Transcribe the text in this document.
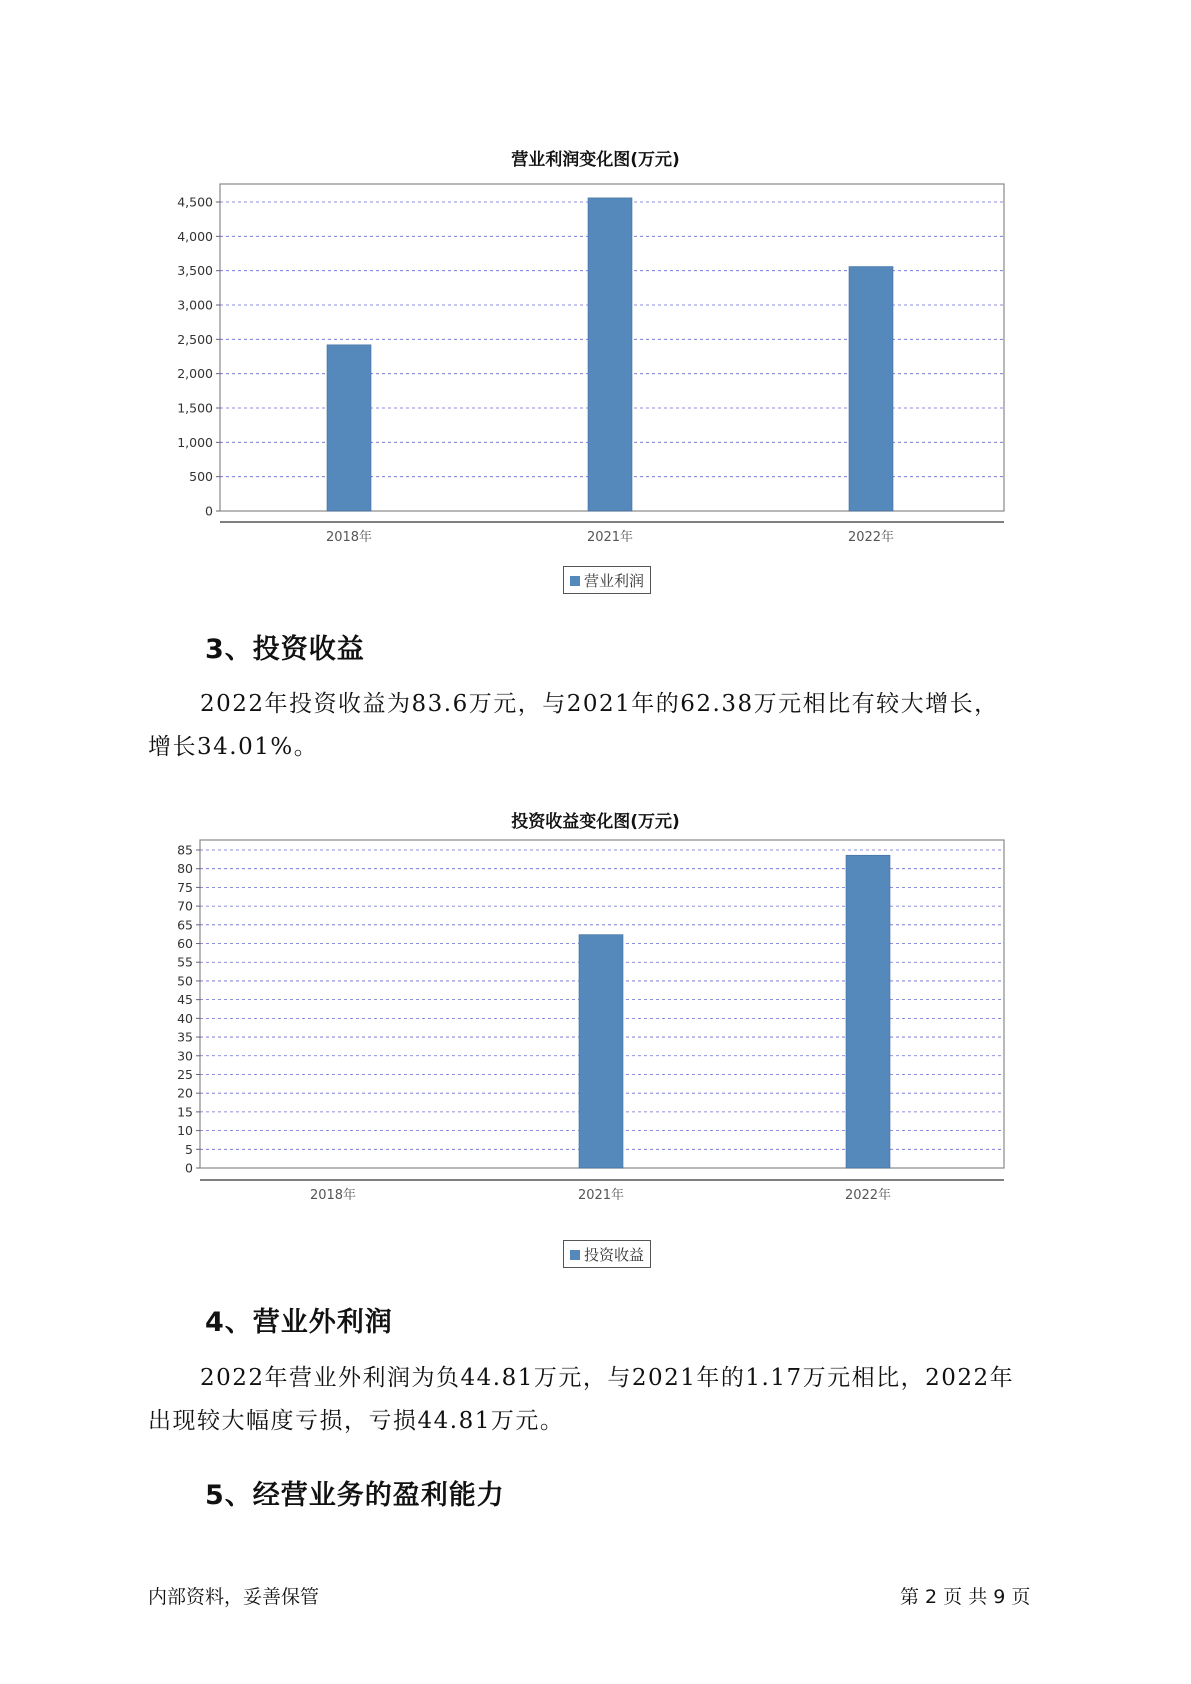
营业利润变化图(万元)
0
500
1,000
1,500
2,000
2,500
3,000
3,500
4,000
4,500
2018年	2021年	2022年
营业利润
3、投资收益
2022年投资收益为83.6万元，与2021年的62.38万元相比有较大增长，
增长34.01%。
投资收益变化图(万元)
0
5
10
15
20
25
30
35
40
45
50
55
60
65
70
75
80
85
2018年	2021年	2022年
投资收益
4、营业外利润
2022年营业外利润为负44.81万元，与2021年的1.17万元相比，2022年
出现较大幅度亏损，亏损44.81万元。
5、经营业务的盈利能力
内部资料，妥善保管	第 2 页 共 9 页
